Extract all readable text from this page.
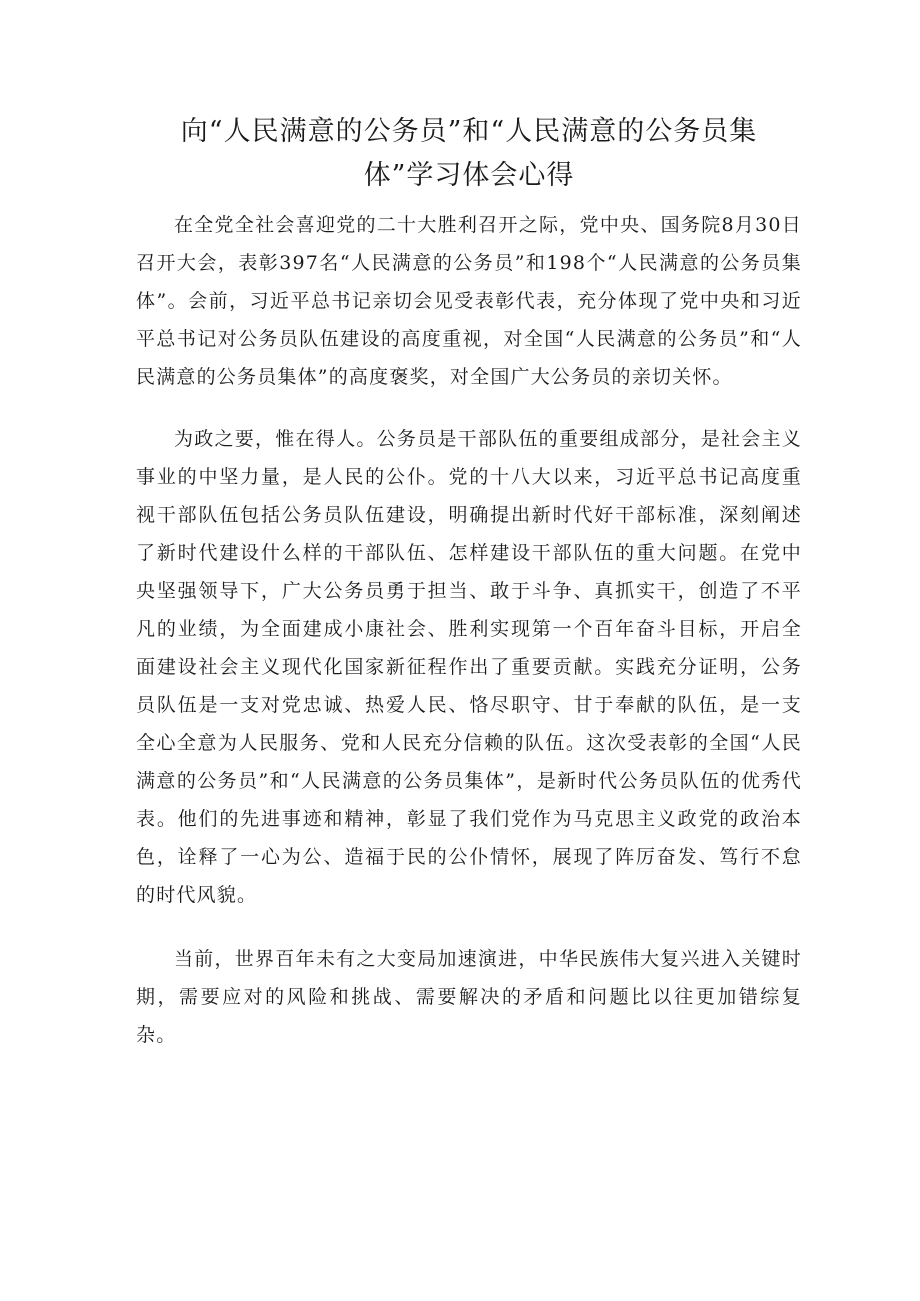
向“人民满意的公务员”和“人民满意的公务员集
体”学习体会心得

在全党全社会喜迎党的二十大胜利召开之际，党中央、国务院8月30日召开大会，表彰397名“人民满意的公务员”和198个“人民满意的公务员集体”。会前，习近平总书记亲切会见受表彰代表，充分体现了党中央和习近平总书记对公务员队伍建设的高度重视，对全国“人民满意的公务员”和“人民满意的公务员集体”的高度褒奖，对全国广大公务员的亲切关怀。

为政之要，惟在得人。公务员是干部队伍的重要组成部分，是社会主义事业的中坚力量，是人民的公仆。党的十八大以来，习近平总书记高度重视干部队伍包括公务员队伍建设，明确提出新时代好干部标准，深刻阐述了新时代建设什么样的干部队伍、怎样建设干部队伍的重大问题。在党中央坚强领导下，广大公务员勇于担当、敢于斗争、真抓实干，创造了不平凡的业绩，为全面建成小康社会、胜利实现第一个百年奋斗目标，开启全面建设社会主义现代化国家新征程作出了重要贡献。实践充分证明，公务员队伍是一支对党忠诚、热爱人民、恪尽职守、甘于奉献的队伍，是一支全心全意为人民服务、党和人民充分信赖的队伍。这次受表彰的全国“人民满意的公务员”和“人民满意的公务员集体”，是新时代公务员队伍的优秀代表。他们的先进事迹和精神，彰显了我们党作为马克思主义政党的政治本色，诠释了一心为公、造福于民的公仆情怀，展现了阵厉奋发、笃行不怠的时代风貌。

当前，世界百年未有之大变局加速演进，中华民族伟大复兴进入关键时期，需要应对的风险和挑战、需要解决的矛盾和问题比以往更加错综复杂。
